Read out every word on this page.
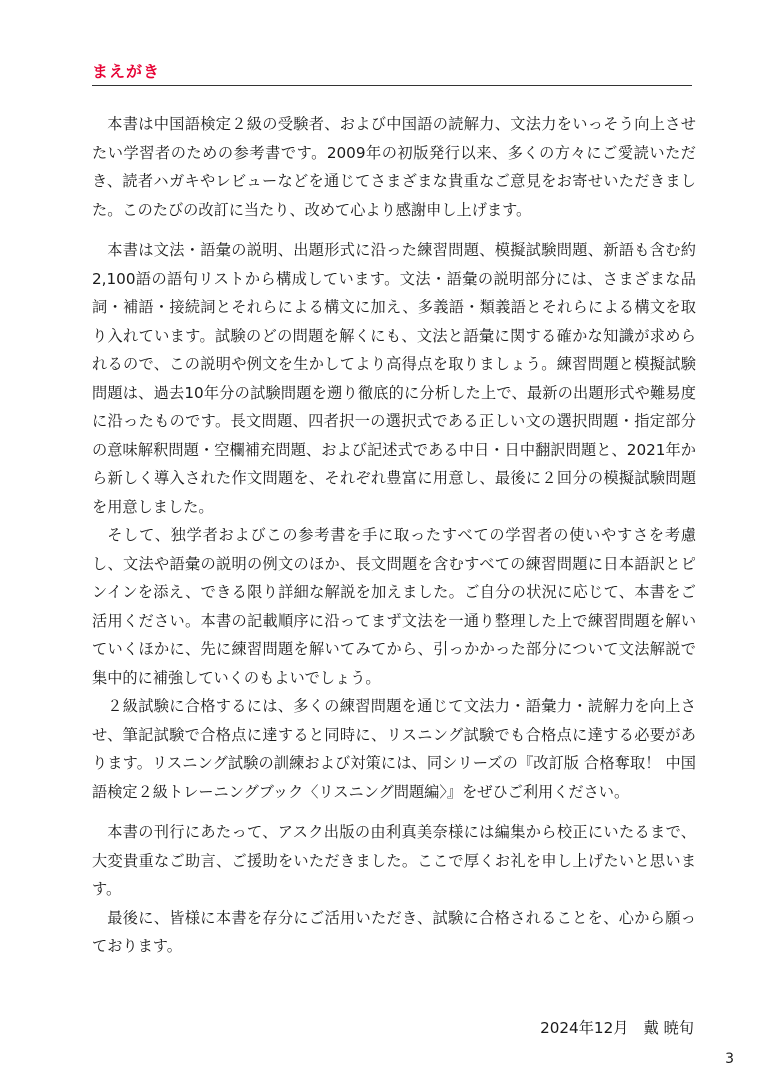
まえがき

本書は中国語検定２級の受験者、および中国語の読解力、文法力をいっそう向上させたい学習者のための参考書です。2009年の初版発行以来、多くの方々にご愛読いただき、読者ハガキやレビューなどを通じてさまざまな貴重なご意見をお寄せいただきました。このたびの改訂に当たり、改めて心より感謝申し上げます。

本書は文法・語彙の説明、出題形式に沿った練習問題、模擬試験問題、新語も含む約2,100語の語句リストから構成しています。文法・語彙の説明部分には、さまざまな品詞・補語・接続詞とそれらによる構文に加え、多義語・類義語とそれらによる構文を取り入れています。試験のどの問題を解くにも、文法と語彙に関する確かな知識が求められるので、この説明や例文を生かしてより高得点を取りましょう。練習問題と模擬試験問題は、過去10年分の試験問題を遡り徹底的に分析した上で、最新の出題形式や難易度に沿ったものです。長文問題、四者択一の選択式である正しい文の選択問題・指定部分の意味解釈問題・空欄補充問題、および記述式である中日・日中翻訳問題と、2021年から新しく導入された作文問題を、それぞれ豊富に用意し、最後に２回分の模擬試験問題を用意しました。

そして、独学者およびこの参考書を手に取ったすべての学習者の使いやすさを考慮し、文法や語彙の説明の例文のほか、長文問題を含むすべての練習問題に日本語訳とピンインを添え、できる限り詳細な解説を加えました。ご自分の状況に応じて、本書をご活用ください。本書の記載順序に沿ってまず文法を一通り整理した上で練習問題を解いていくほかに、先に練習問題を解いてみてから、引っかかった部分について文法解説で集中的に補強していくのもよいでしょう。

２級試験に合格するには、多くの練習問題を通じて文法力・語彙力・読解力を向上させ、筆記試験で合格点に達すると同時に、リスニング試験でも合格点に達する必要があります。リスニング試験の訓練および対策には、同シリーズの『改訂版 合格奪取！ 中国語検定２級トレーニングブック〈リスニング問題編〉』をぜひご利用ください。

本書の刊行にあたって、アスク出版の由利真美奈様には編集から校正にいたるまで、大変貴重なご助言、ご援助をいただきました。ここで厚くお礼を申し上げたいと思います。

最後に、皆様に本書を存分にご活用いただき、試験に合格されることを、心から願っております。

2024年12月　戴 暁旬
3
